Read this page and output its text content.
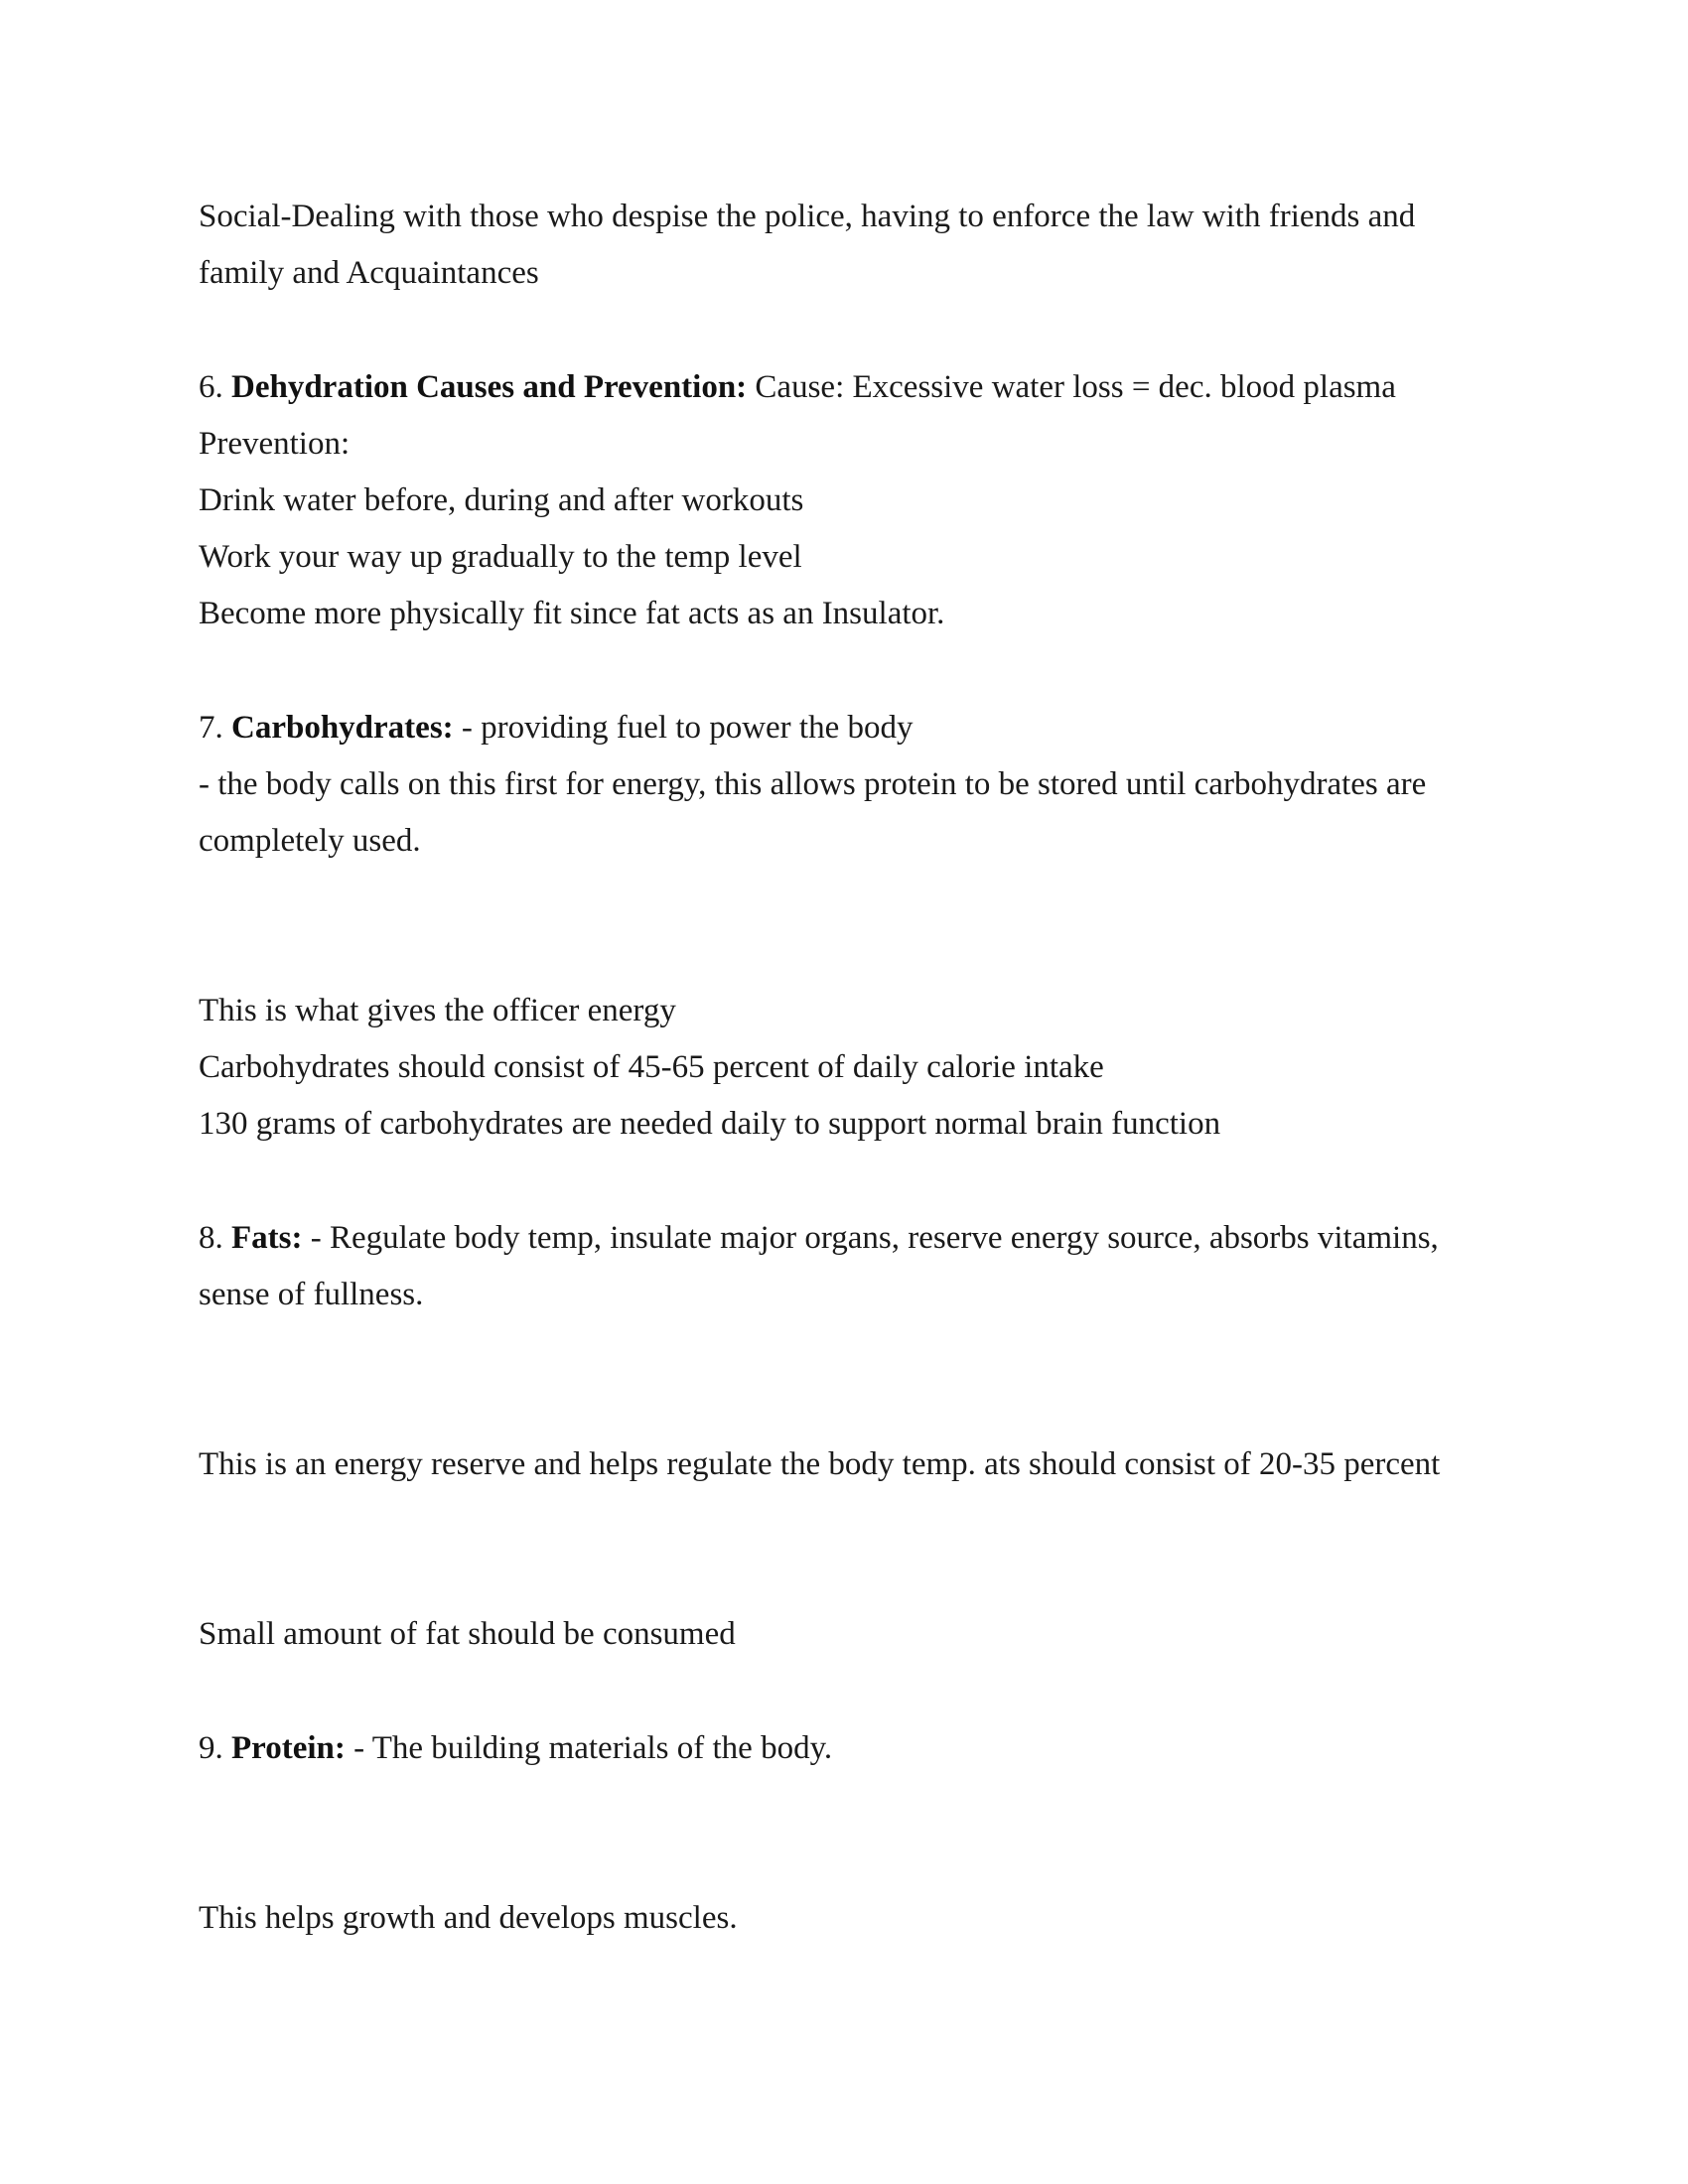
Social-Dealing with those who despise the police, having to enforce the law with friends and
family and Acquaintances
6. Dehydration Causes and Prevention: Cause: Excessive water loss = dec. blood plasma
Prevention:
Drink water before, during and after workouts
Work your way up gradually to the temp level
Become more physically fit since fat acts as an Insulator.
7. Carbohydrates: - providing fuel to power the body
- the body calls on this first for energy, this allows protein to be stored until carbohydrates are
completely used.
This is what gives the officer energy
Carbohydrates should consist of 45-65 percent of daily calorie intake
130 grams of carbohydrates are needed daily to support normal brain function
8. Fats: - Regulate body temp, insulate major organs, reserve energy source, absorbs vitamins,
sense of fullness.
This is an energy reserve and helps regulate the body temp. ats should consist of 20-35 percent
Small amount of fat should be consumed
9. Protein: - The building materials of the body.
This helps growth and develops muscles.
